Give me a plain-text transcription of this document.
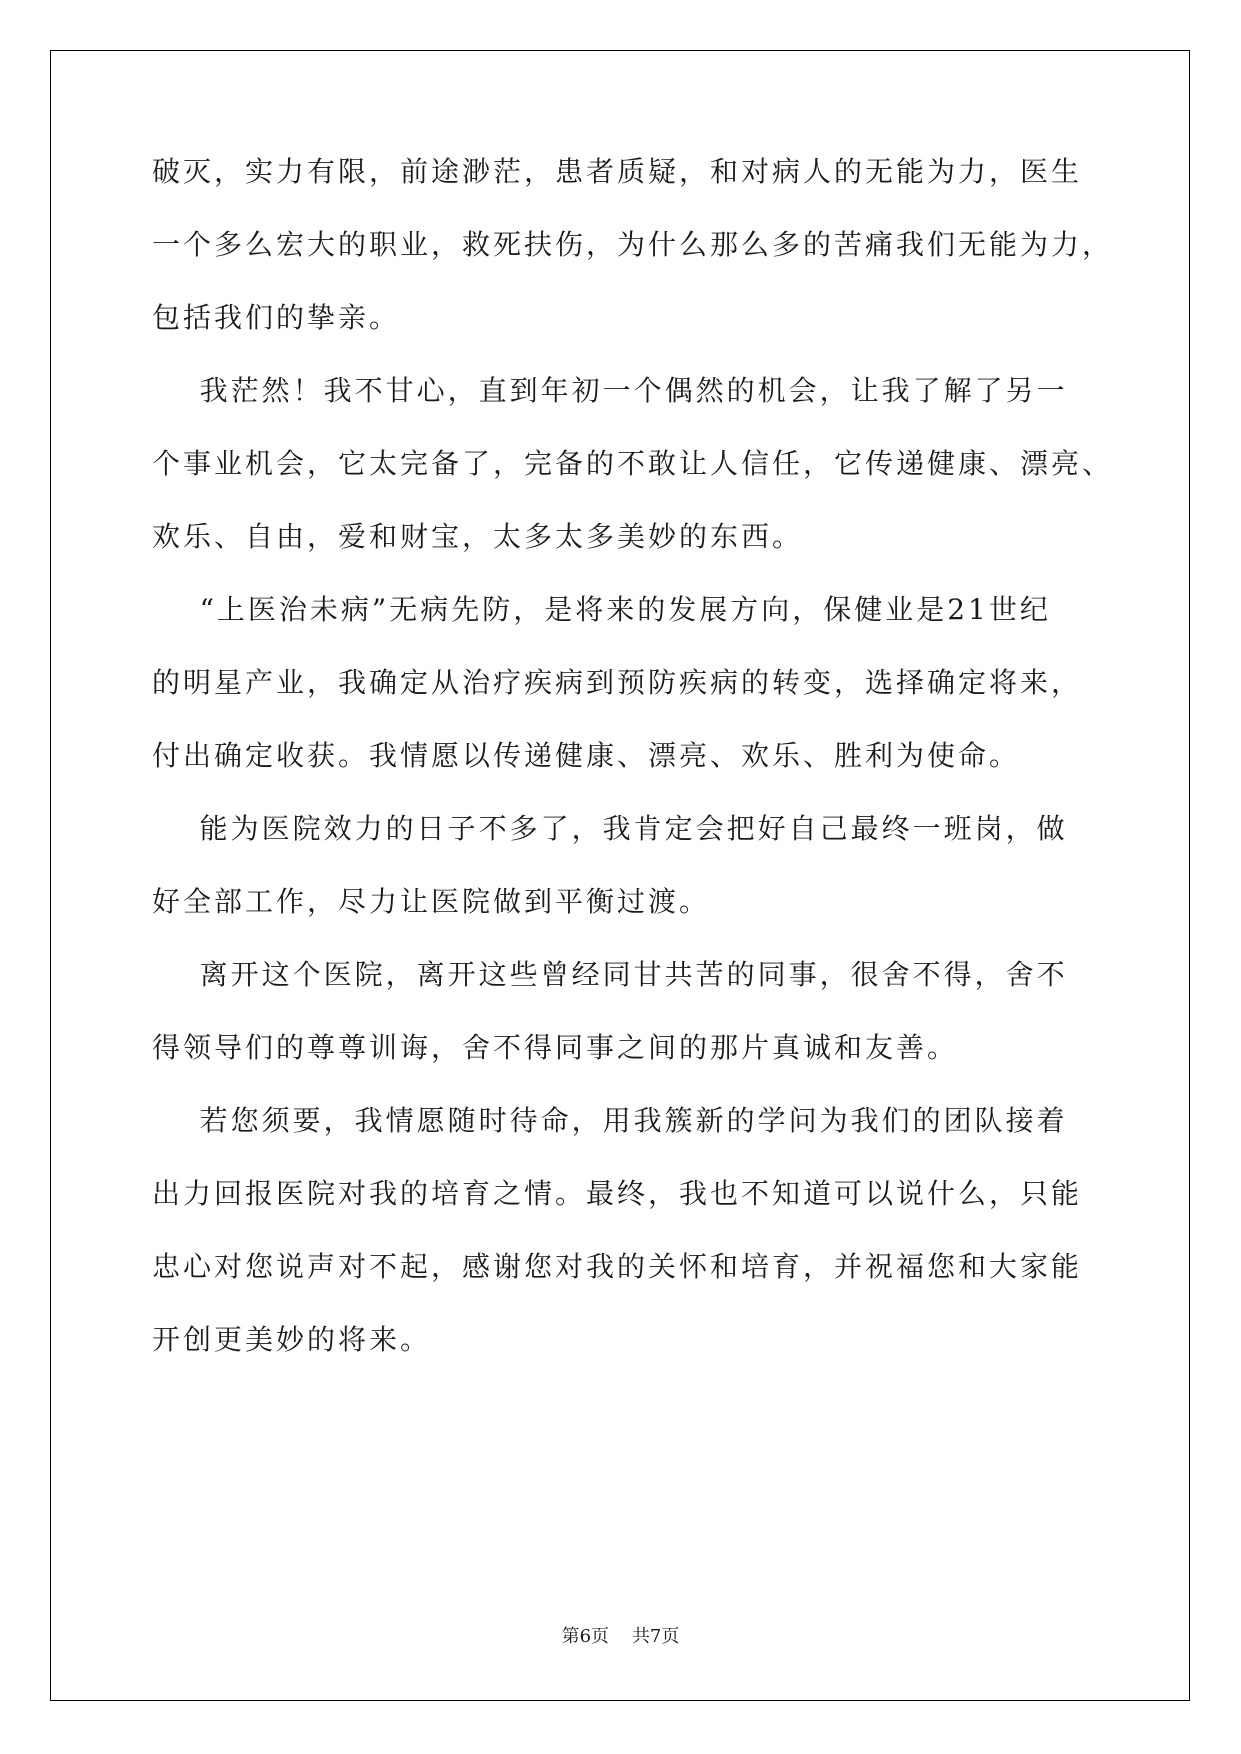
破灭，实力有限，前途渺茫，患者质疑，和对病人的无能为力，医生
一个多么宏大的职业，救死扶伤，为什么那么多的苦痛我们无能为力，
包括我们的挚亲。
我茫然！我不甘心，直到年初一个偶然的机会，让我了解了另一
个事业机会，它太完备了，完备的不敢让人信任，它传递健康、漂亮、
欢乐、自由，爱和财宝，太多太多美妙的东西。
“上医治未病”无病先防，是将来的发展方向，保健业是21世纪
的明星产业，我确定从治疗疾病到预防疾病的转变，选择确定将来，
付出确定收获。我情愿以传递健康、漂亮、欢乐、胜利为使命。
能为医院效力的日子不多了，我肯定会把好自己最终一班岗，做
好全部工作，尽力让医院做到平衡过渡。
离开这个医院，离开这些曾经同甘共苦的同事，很舍不得，舍不
得领导们的尊尊训诲，舍不得同事之间的那片真诚和友善。
若您须要，我情愿随时待命，用我簇新的学问为我们的团队接着
出力回报医院对我的培育之情。最终，我也不知道可以说什么，只能
忠心对您说声对不起，感谢您对我的关怀和培育，并祝福您和大家能
开创更美妙的将来。
第6页 共7页
